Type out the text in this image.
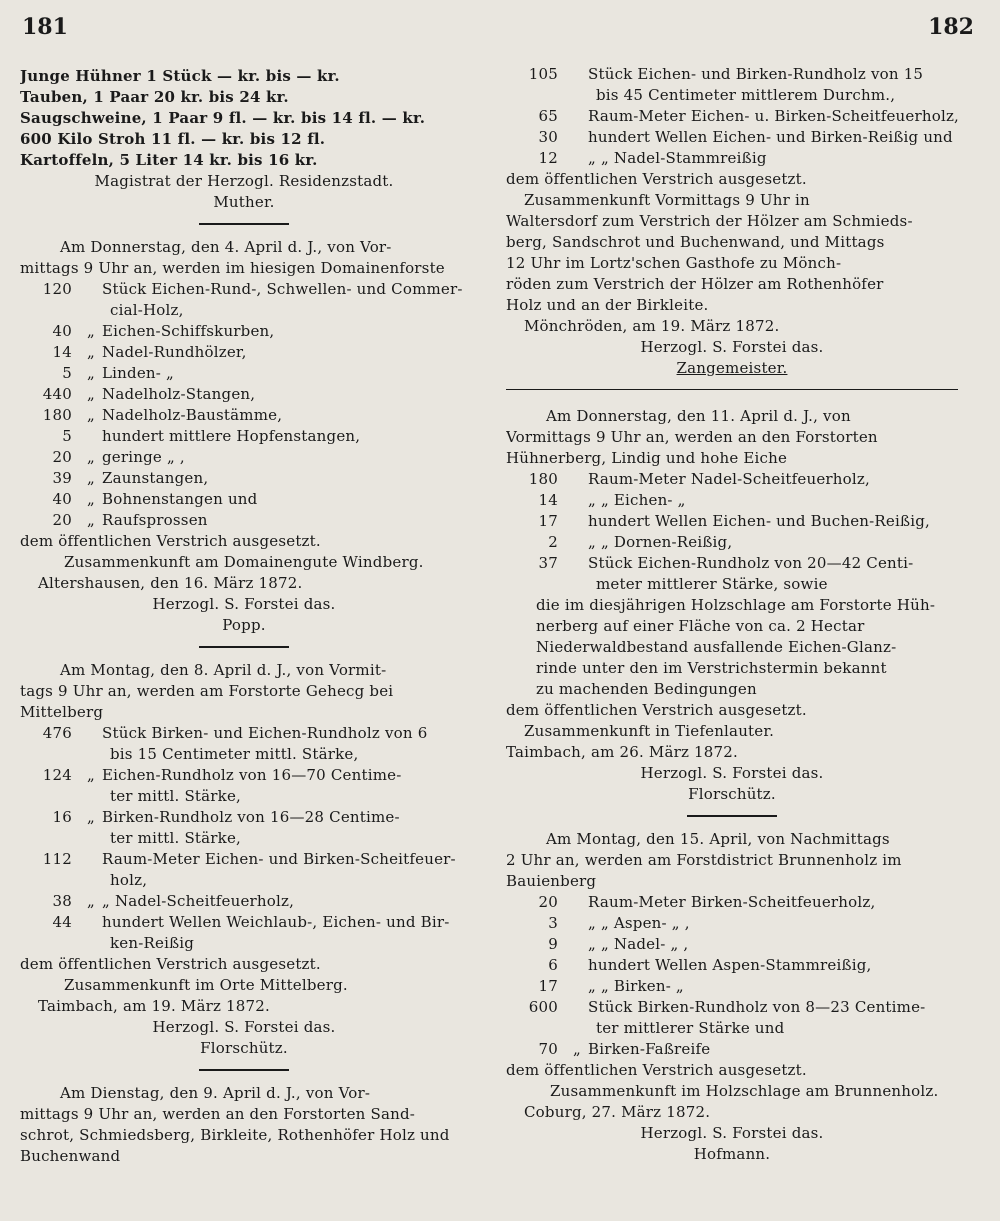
181	182
Junge Hühner 1 Stück — kr. bis — kr.
Tauben, 1 Paar 20 kr. bis 24 kr.
Saugschweine, 1 Paar 9 fl. — kr. bis 14 fl. — kr.
600 Kilo Stroh 11 fl. — kr. bis 12 fl.
Kartoffeln, 5 Liter 14 kr. bis 16 kr.
Magistrat der Herzogl. Residenzstadt.
Muther.
Am Donnerstag, den 4. April d. J., von Vor-
mittags 9 Uhr an, werden im hiesigen Domainenforste
120	Stück Eichen-Rund-, Schwellen- und Commer-
cial-Holz,
40	„ Eichen-Schiffskurben,
14	„ Nadel-Rundhölzer,
5	„ Linden- „
440	„ Nadelholz-Stangen,
180	„ Nadelholz-Baustämme,
5	hundert mittlere Hopfenstangen,
20	„ geringe „ ,
39	„ Zaunstangen,
40	„ Bohnenstangen und
20	„ Raufsprossen
dem öffentlichen Verstrich ausgesetzt.
Zusammenkunft am Domainengute Windberg.
Altershausen, den 16. März 1872.
Herzogl. S. Forstei das.
Popp.
Am Montag, den 8. April d. J., von Vormit-
tags 9 Uhr an, werden am Forstorte Gehecg bei
Mittelberg
476	Stück Birken- und Eichen-Rundholz von 6
bis 15 Centimeter mittl. Stärke,
124	„ Eichen-Rundholz von 16—70 Centime-
ter mittl. Stärke,
16	„ Birken-Rundholz von 16—28 Centime-
ter mittl. Stärke,
112	Raum-Meter Eichen- und Birken-Scheitfeuer-
holz,
38	„ „ Nadel-Scheitfeuerholz,
44	hundert Wellen Weichlaub-, Eichen- und Bir-
ken-Reißig
dem öffentlichen Verstrich ausgesetzt.
Zusammenkunft im Orte Mittelberg.
Taimbach, am 19. März 1872.
Herzogl. S. Forstei das.
Florschütz.
Am Dienstag, den 9. April d. J., von Vor-
mittags 9 Uhr an, werden an den Forstorten Sand-
schrot, Schmiedsberg, Birkleite, Rothenhöfer Holz und
Buchenwand
105	Stück Eichen- und Birken-Rundholz von 15
bis 45 Centimeter mittlerem Durchm.,
65	Raum-Meter Eichen- u. Birken-Scheitfeuerholz,
30	hundert Wellen Eichen- und Birken-Reißig und
12	„ „ Nadel-Stammreißig
dem öffentlichen Verstrich ausgesetzt.
Zusammenkunft Vormittags 9 Uhr in
Waltersdorf zum Verstrich der Hölzer am Schmieds-
berg, Sandschrot und Buchenwand, und Mittags
12 Uhr im Lortz'schen Gasthofe zu Mönch-
röden zum Verstrich der Hölzer am Rothenhöfer
Holz und an der Birkleite.
Mönchröden, am 19. März 1872.
Herzogl. S. Forstei das.
Zangemeister.
Am Donnerstag, den 11. April d. J., von
Vormittags 9 Uhr an, werden an den Forstorten
Hühnerberg, Lindig und hohe Eiche
180	Raum-Meter Nadel-Scheitfeuerholz,
14	„ „ Eichen- „
17	hundert Wellen Eichen- und Buchen-Reißig,
2	„ „ Dornen-Reißig,
37	Stück Eichen-Rundholz von 20—42 Centi-
meter mittlerer Stärke, sowie
die im diesjährigen Holzschlage am Forstorte Hüh-
nerberg auf einer Fläche von ca. 2 Hectar
Niederwaldbestand ausfallende Eichen-Glanz-
rinde unter den im Verstrichstermin bekannt
zu machenden Bedingungen
dem öffentlichen Verstrich ausgesetzt.
Zusammenkunft in Tiefenlauter.
Taimbach, am 26. März 1872.
Herzogl. S. Forstei das.
Florschütz.
Am Montag, den 15. April, von Nachmittags
2 Uhr an, werden am Forstdistrict Brunnenholz im
Bauienberg
20	Raum-Meter Birken-Scheitfeuerholz,
3	„ „ Aspen- „ ,
9	„ „ Nadel- „ ,
6	hundert Wellen Aspen-Stammreißig,
17	„ „ Birken- „
600	Stück Birken-Rundholz von 8—23 Centime-
ter mittlerer Stärke und
70	„ Birken-Faßreife
dem öffentlichen Verstrich ausgesetzt.
Zusammenkunft im Holzschlage am Brunnenholz.
Coburg, 27. März 1872.
Herzogl. S. Forstei das.
Hofmann.
